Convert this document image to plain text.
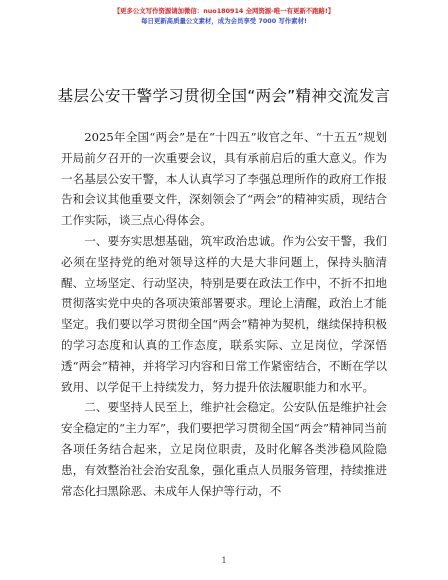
【更多公文写作资源请加微信：nuo180914 全网资源-唯一有更新不跑路!】
每日更新高质量公文素材，成为会员享受 7000 写作素材!
基层公安干警学习贯彻全国“两会”精神交流发言

2025年全国“两会”是在“十四五”收官之年、“十五五”规划开局前夕召开的一次重要会议，具有承前启后的重大意义。作为一名基层公安干警，本人认真学习了李强总理所作的政府工作报告和会议其他重要文件，深刻领会了“两会”的精神实质，现结合工作实际，谈三点心得体会。

一、要夯实思想基础，筑牢政治忠诚。作为公安干警，我们必须在坚持党的绝对领导这样的大是大非问题上，保持头脑清醒、立场坚定、行动坚决，特别是要在政法工作中，不折不扣地贯彻落实党中央的各项决策部署要求。理论上清醒，政治上才能坚定。我们要以学习贯彻全国“两会”精神为契机，继续保持积极的学习态度和认真的工作态度，联系实际、立足岗位，学深悟透“两会”精神，并将学习内容和日常工作紧密结合，不断在学以致用、以学促干上持续发力，努力提升依法履职能力和水平。

二、要坚持人民至上，维护社会稳定。公安队伍是维护社会安全稳定的“主力军”，我们要把学习贯彻全国“两会”精神同当前各项任务结合起来，立足岗位职责，及时化解各类涉稳风险隐患，有效整治社会治安乱象，强化重点人员服务管理，持续推进常态化扫黑除恶、未成年人保护等行动，不

1
